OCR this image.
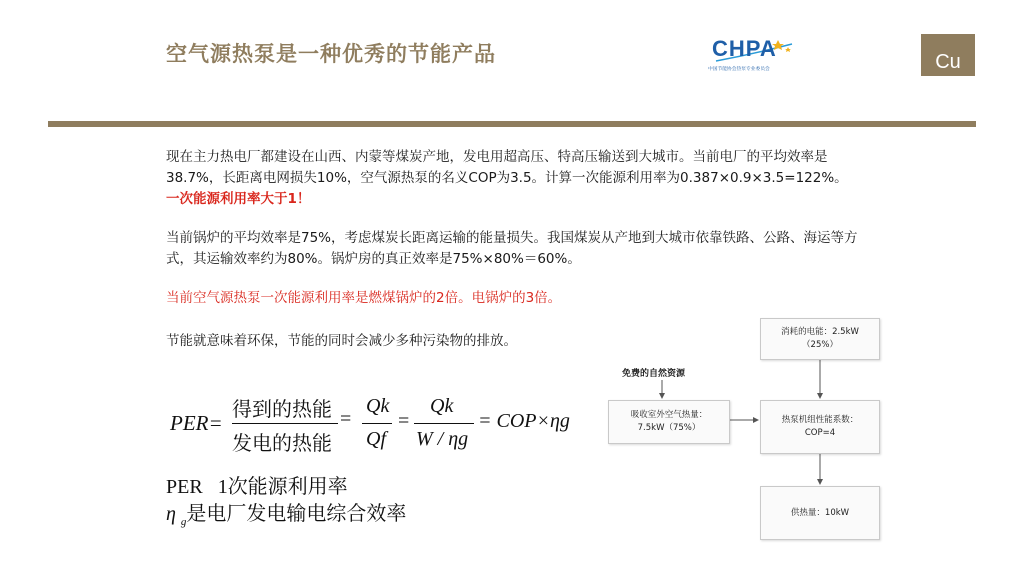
空气源热泵是一种优秀的节能产品	CHPA
中国节能协会热泵专业委员会	Cu
现在主力热电厂都建设在山西、内蒙等煤炭产地，发电用超高压、特高压输送到大城市。当前电厂的平均效率是38.7%，长距离电网损失10%，空气源热泵的名义COP为3.5。计算一次能源利用率为0.387×0.9×3.5=122%。一次能源利用率大于1！
当前锅炉的平均效率是75%，考虑煤炭长距离运输的能量损失。我国煤炭从产地到大城市依靠铁路、公路、海运等方式，其运输效率约为80%。锅炉房的真正效率是75%×80%＝60%。
当前空气源热泵一次能源利用率是燃煤锅炉的2倍。电锅炉的3倍。
节能就意味着环保，节能的同时会减少多种污染物的排放。
PER=
得到的热能
发电的热能
=
Qk
Qf
=
Qk
W / ηg
= COP×ηg
PER 1次能源利用率
η $_g$是电厂发电输电综合效率
消耗的电能：2.5kW
（25%）
免费的自然资源
吸收室外空气热量：
7.5kW（75%）
热泵机组性能系数：
COP=4
供热量：10kW
